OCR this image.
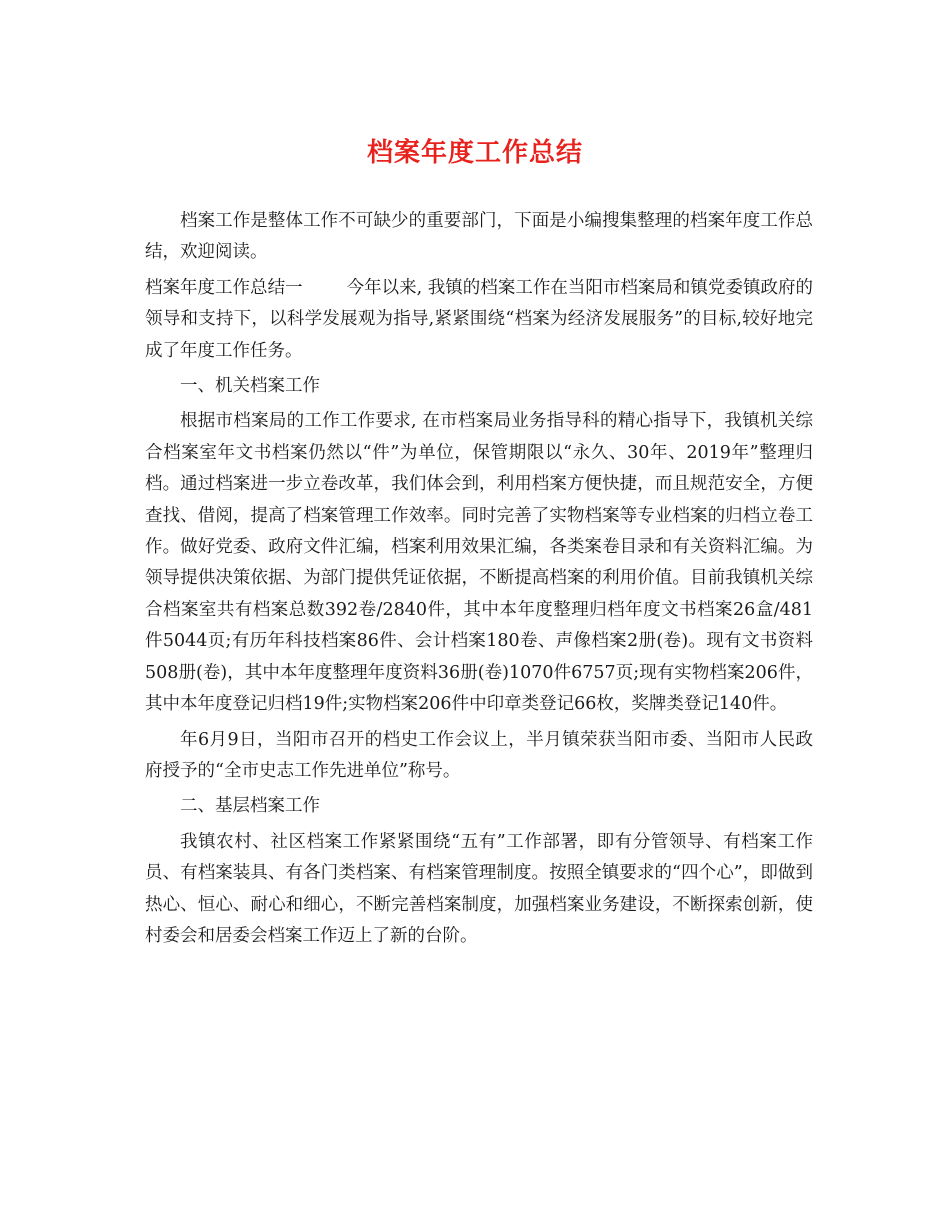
档案年度工作总结

档案工作是整体工作不可缺少的重要部门，下面是小编搜集整理的档案年度工作总结，欢迎阅读。

档案年度工作总结一	今年以来, 我镇的档案工作在当阳市档案局和镇党委镇政府的领导和支持下，以科学发展观为指导,紧紧围绕“档案为经济发展服务”的目标,较好地完成了年度工作任务。

一、机关档案工作

根据市档案局的工作工作要求, 在市档案局业务指导科的精心指导下，我镇机关综合档案室年文书档案仍然以“件”为单位，保管期限以“永久、30年、2019年”整理归档。通过档案进一步立卷改革，我们体会到，利用档案方便快捷，而且规范安全，方便查找、借阅，提高了档案管理工作效率。同时完善了实物档案等专业档案的归档立卷工作。做好党委、政府文件汇编，档案利用效果汇编，各类案卷目录和有关资料汇编。为领导提供决策依据、为部门提供凭证依据，不断提高档案的利用价值。目前我镇机关综合档案室共有档案总数392卷/2840件，其中本年度整理归档年度文书档案26盒/481件5044页;有历年科技档案86件、会计档案180卷、声像档案2册(卷)。现有文书资料508册(卷)，其中本年度整理年度资料36册(卷)1070件6757页;现有实物档案206件，其中本年度登记归档19件;实物档案206件中印章类登记66枚，奖牌类登记140件。

年6月9日，当阳市召开的档史工作会议上，半月镇荣获当阳市委、当阳市人民政府授予的“全市史志工作先进单位”称号。

二、基层档案工作

我镇农村、社区档案工作紧紧围绕“五有”工作部署，即有分管领导、有档案工作员、有档案装具、有各门类档案、有档案管理制度。按照全镇要求的“四个心”，即做到热心、恒心、耐心和细心，不断完善档案制度，加强档案业务建设，不断探索创新，使村委会和居委会档案工作迈上了新的台阶。
